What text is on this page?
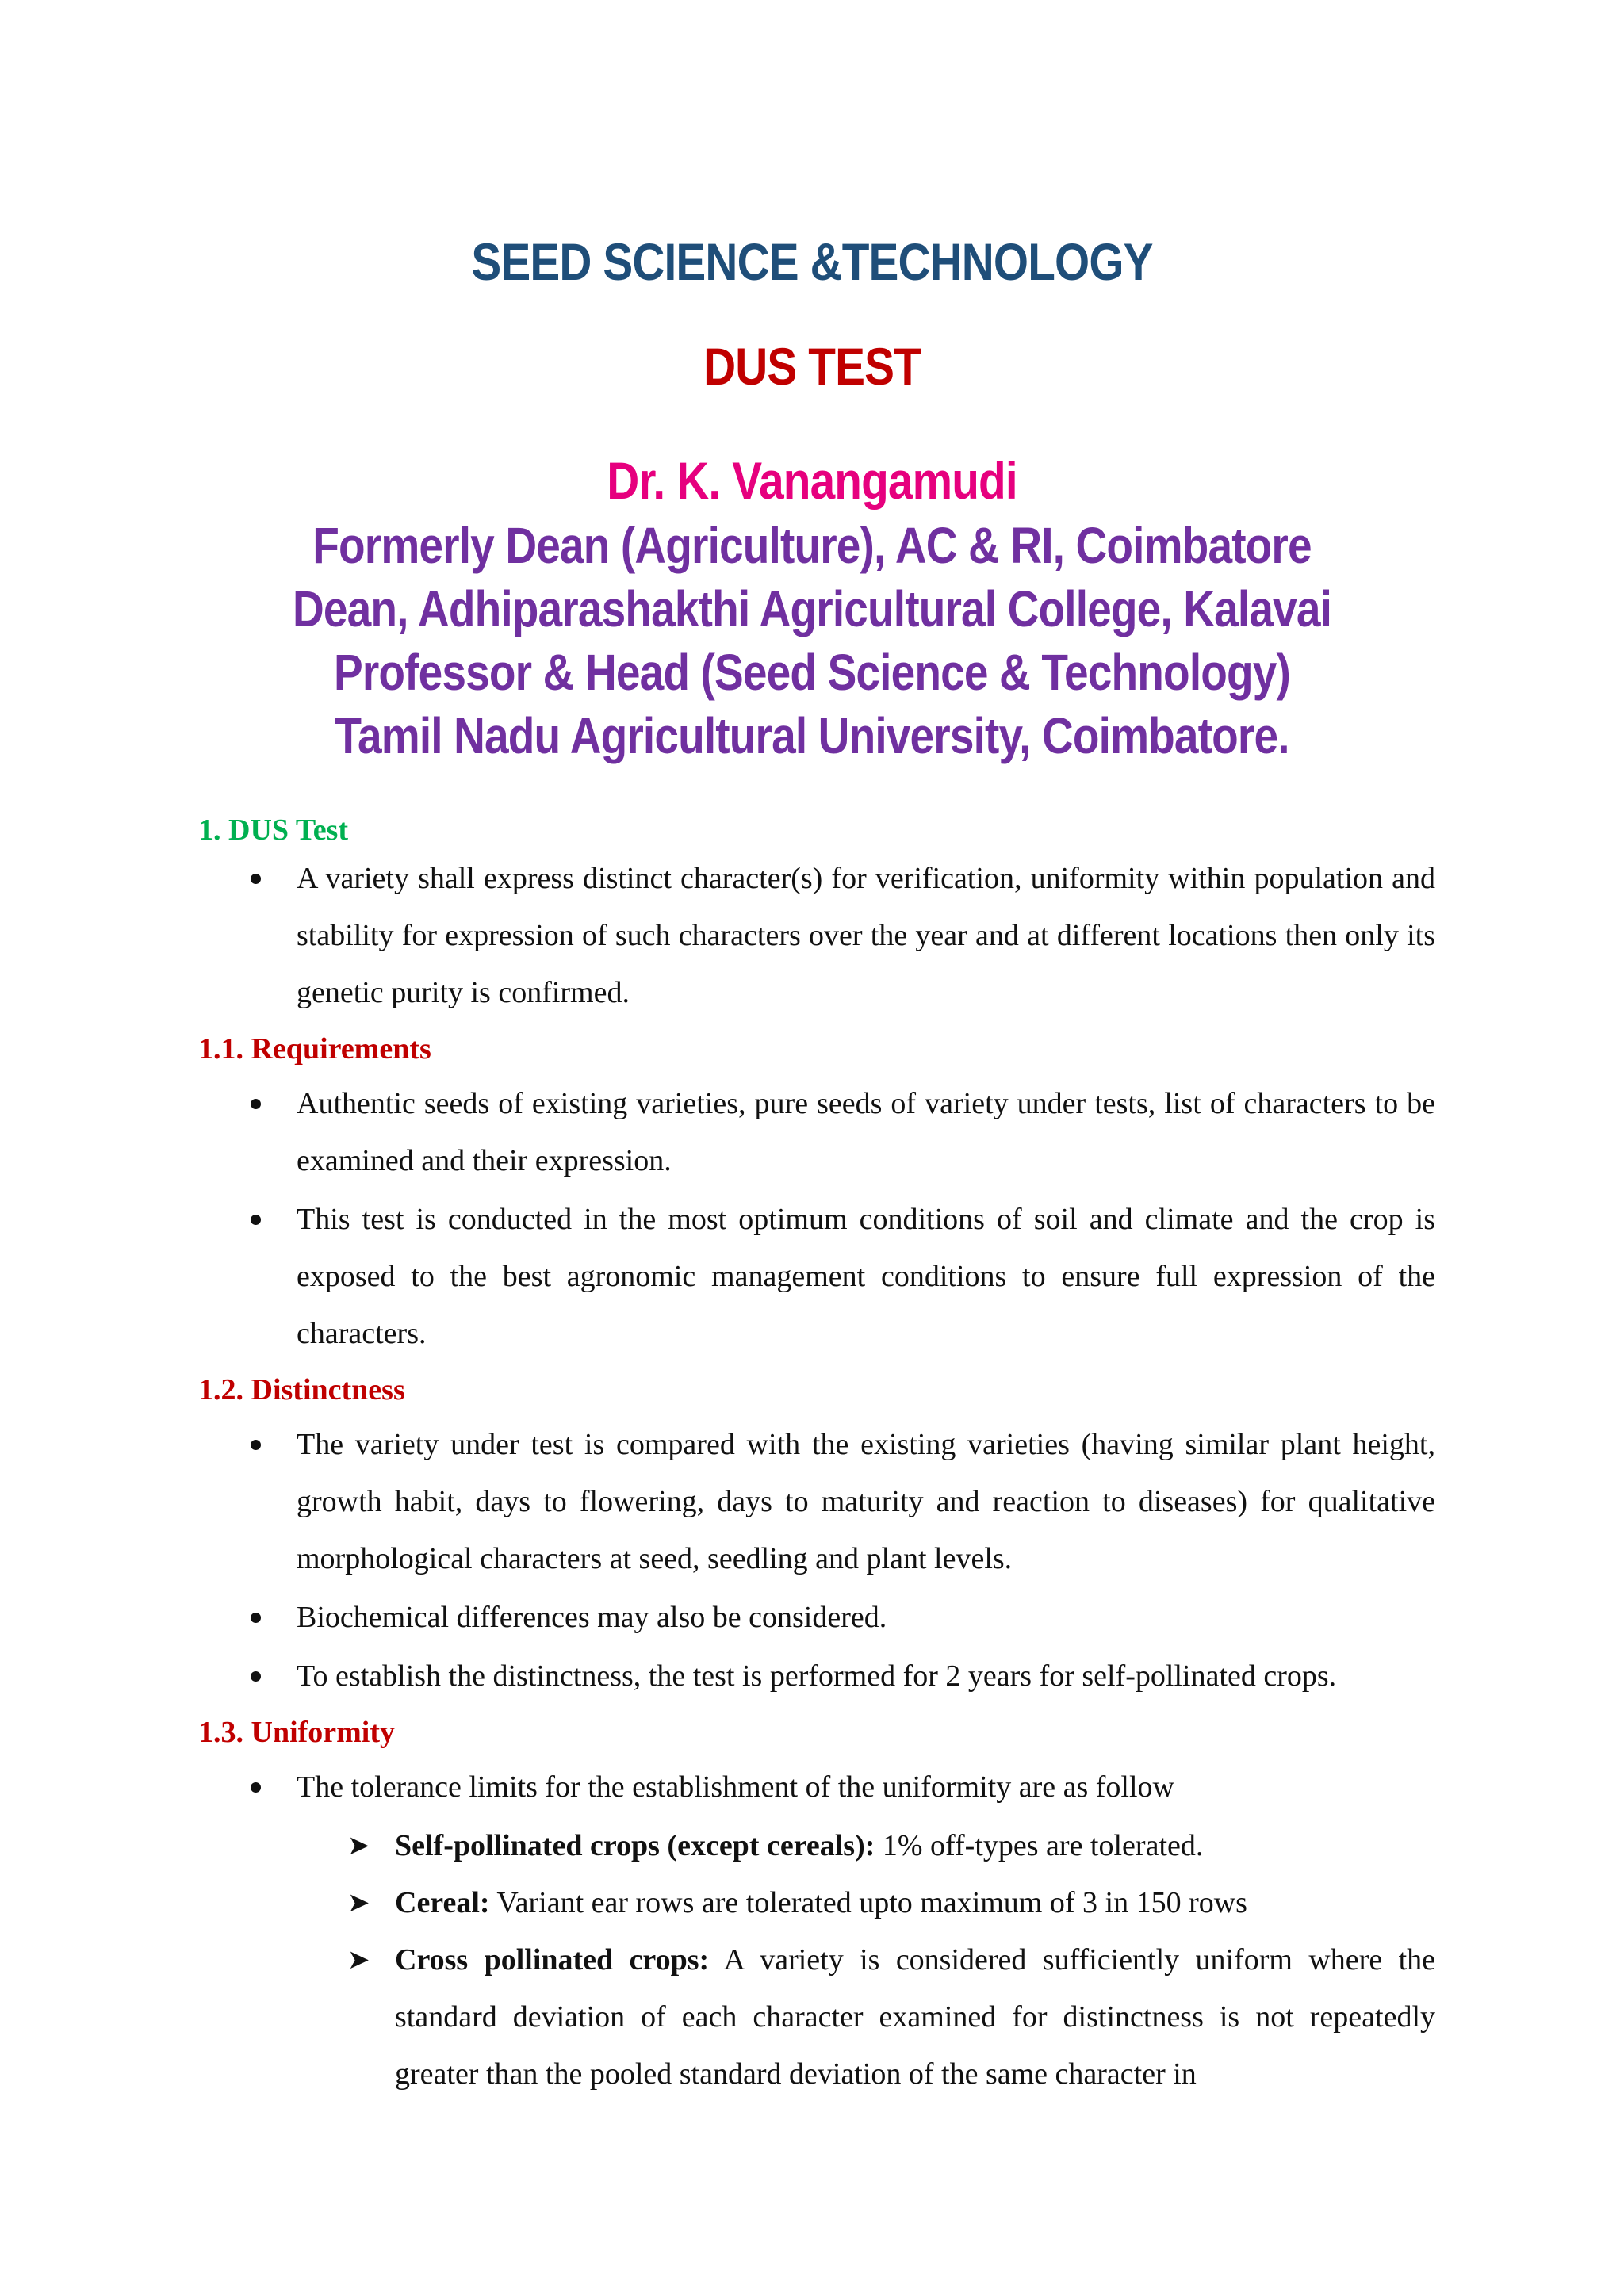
SEED SCIENCE &TECHNOLOGY
DUS TEST
Dr. K. Vanangamudi
Formerly Dean (Agriculture), AC & RI, Coimbatore
Dean, Adhiparashakthi Agricultural College, Kalavai
Professor & Head (Seed Science & Technology)
Tamil Nadu Agricultural University, Coimbatore.
1. DUS Test
A variety shall express distinct character(s) for verification, uniformity within population and stability for expression of such characters over the year and at different locations then only its genetic purity is confirmed.
1.1. Requirements
Authentic seeds of existing varieties, pure seeds of variety under tests, list of characters to be examined and their expression.
This test is conducted in the most optimum conditions of soil and climate and the crop is exposed to the best agronomic management conditions to ensure full expression of the characters.
1.2. Distinctness
The variety under test is compared with the existing varieties (having similar plant height, growth habit, days to flowering, days to maturity and reaction to diseases) for qualitative morphological characters at seed, seedling and plant levels.
Biochemical differences may also be considered.
To establish the distinctness, the test is performed for 2 years for self-pollinated crops.
1.3. Uniformity
The tolerance limits for the establishment of the uniformity are as follow
➤ Self-pollinated crops (except cereals): 1% off-types are tolerated.
➤ Cereal: Variant ear rows are tolerated upto maximum of 3 in 150 rows
➤ Cross pollinated crops: A variety is considered sufficiently uniform where the standard deviation of each character examined for distinctness is not repeatedly greater than the pooled standard deviation of the same character in
